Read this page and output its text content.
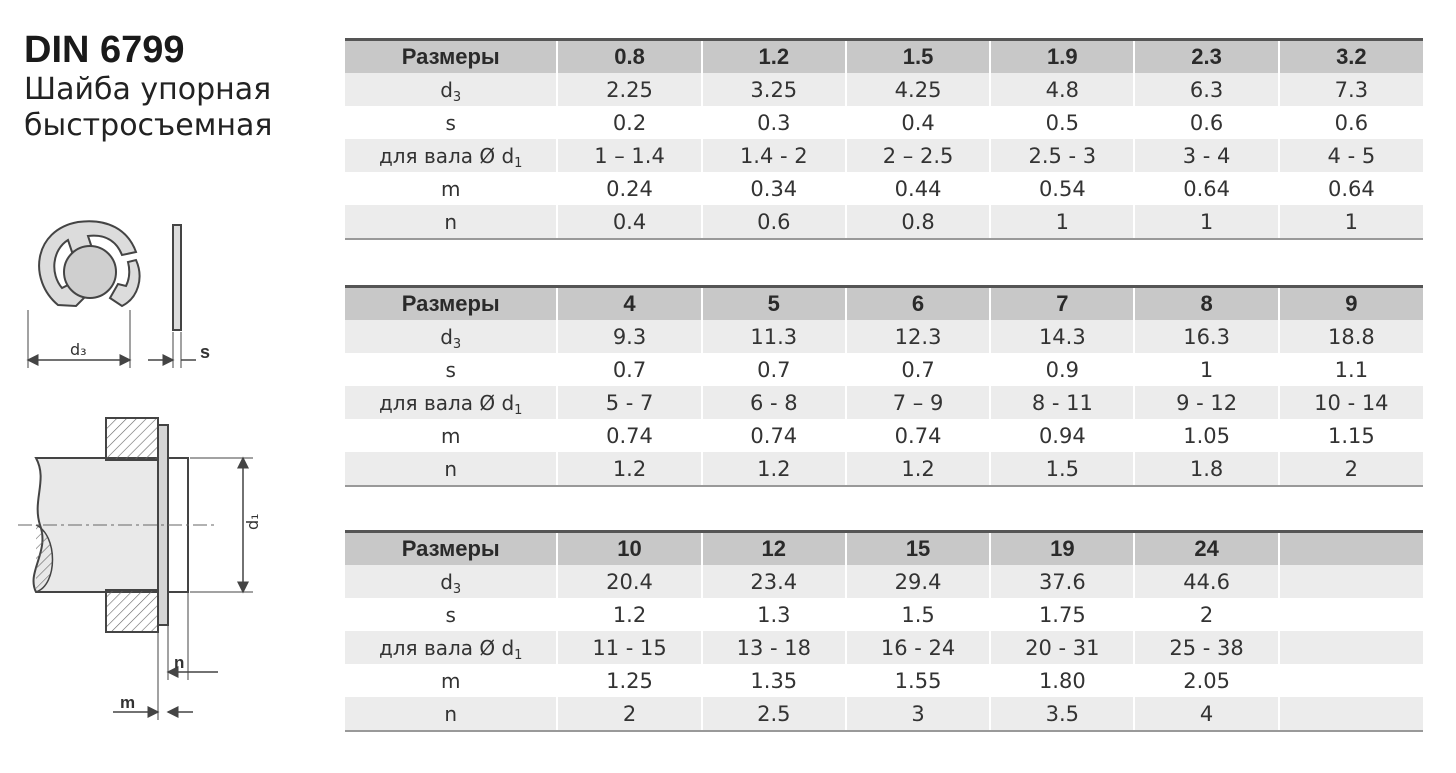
DIN 6799
Шайба упорная
быстросъемная
d₃	s
d₁
n
m
Размеры	0.8	1.2	1.5	1.9	2.3	3.2
$d_3$	2.25	3.25	4.25	4.8	6.3	7.3
s	0.2	0.3	0.4	0.5	0.6	0.6
для вала Ø $d_1$	1 – 1.4	1.4 - 2	2 – 2.5	2.5 - 3	3 - 4	4 - 5
m	0.24	0.34	0.44	0.54	0.64	0.64
n	0.4	0.6	0.8	1	1	1
Размеры	4	5	6	7	8	9
$d_3$	9.3	11.3	12.3	14.3	16.3	18.8
s	0.7	0.7	0.7	0.9	1	1.1
для вала Ø $d_1$	5 - 7	6 - 8	7 – 9	8 - 11	9 - 12	10 - 14
m	0.74	0.74	0.74	0.94	1.05	1.15
n	1.2	1.2	1.2	1.5	1.8	2
Размеры	10	12	15	19	24	
$d_3$	20.4	23.4	29.4	37.6	44.6	
s	1.2	1.3	1.5	1.75	2	
для вала Ø $d_1$	11 - 15	13 - 18	16 - 24	20 - 31	25 - 38	
m	1.25	1.35	1.55	1.80	2.05	
n	2	2.5	3	3.5	4	
